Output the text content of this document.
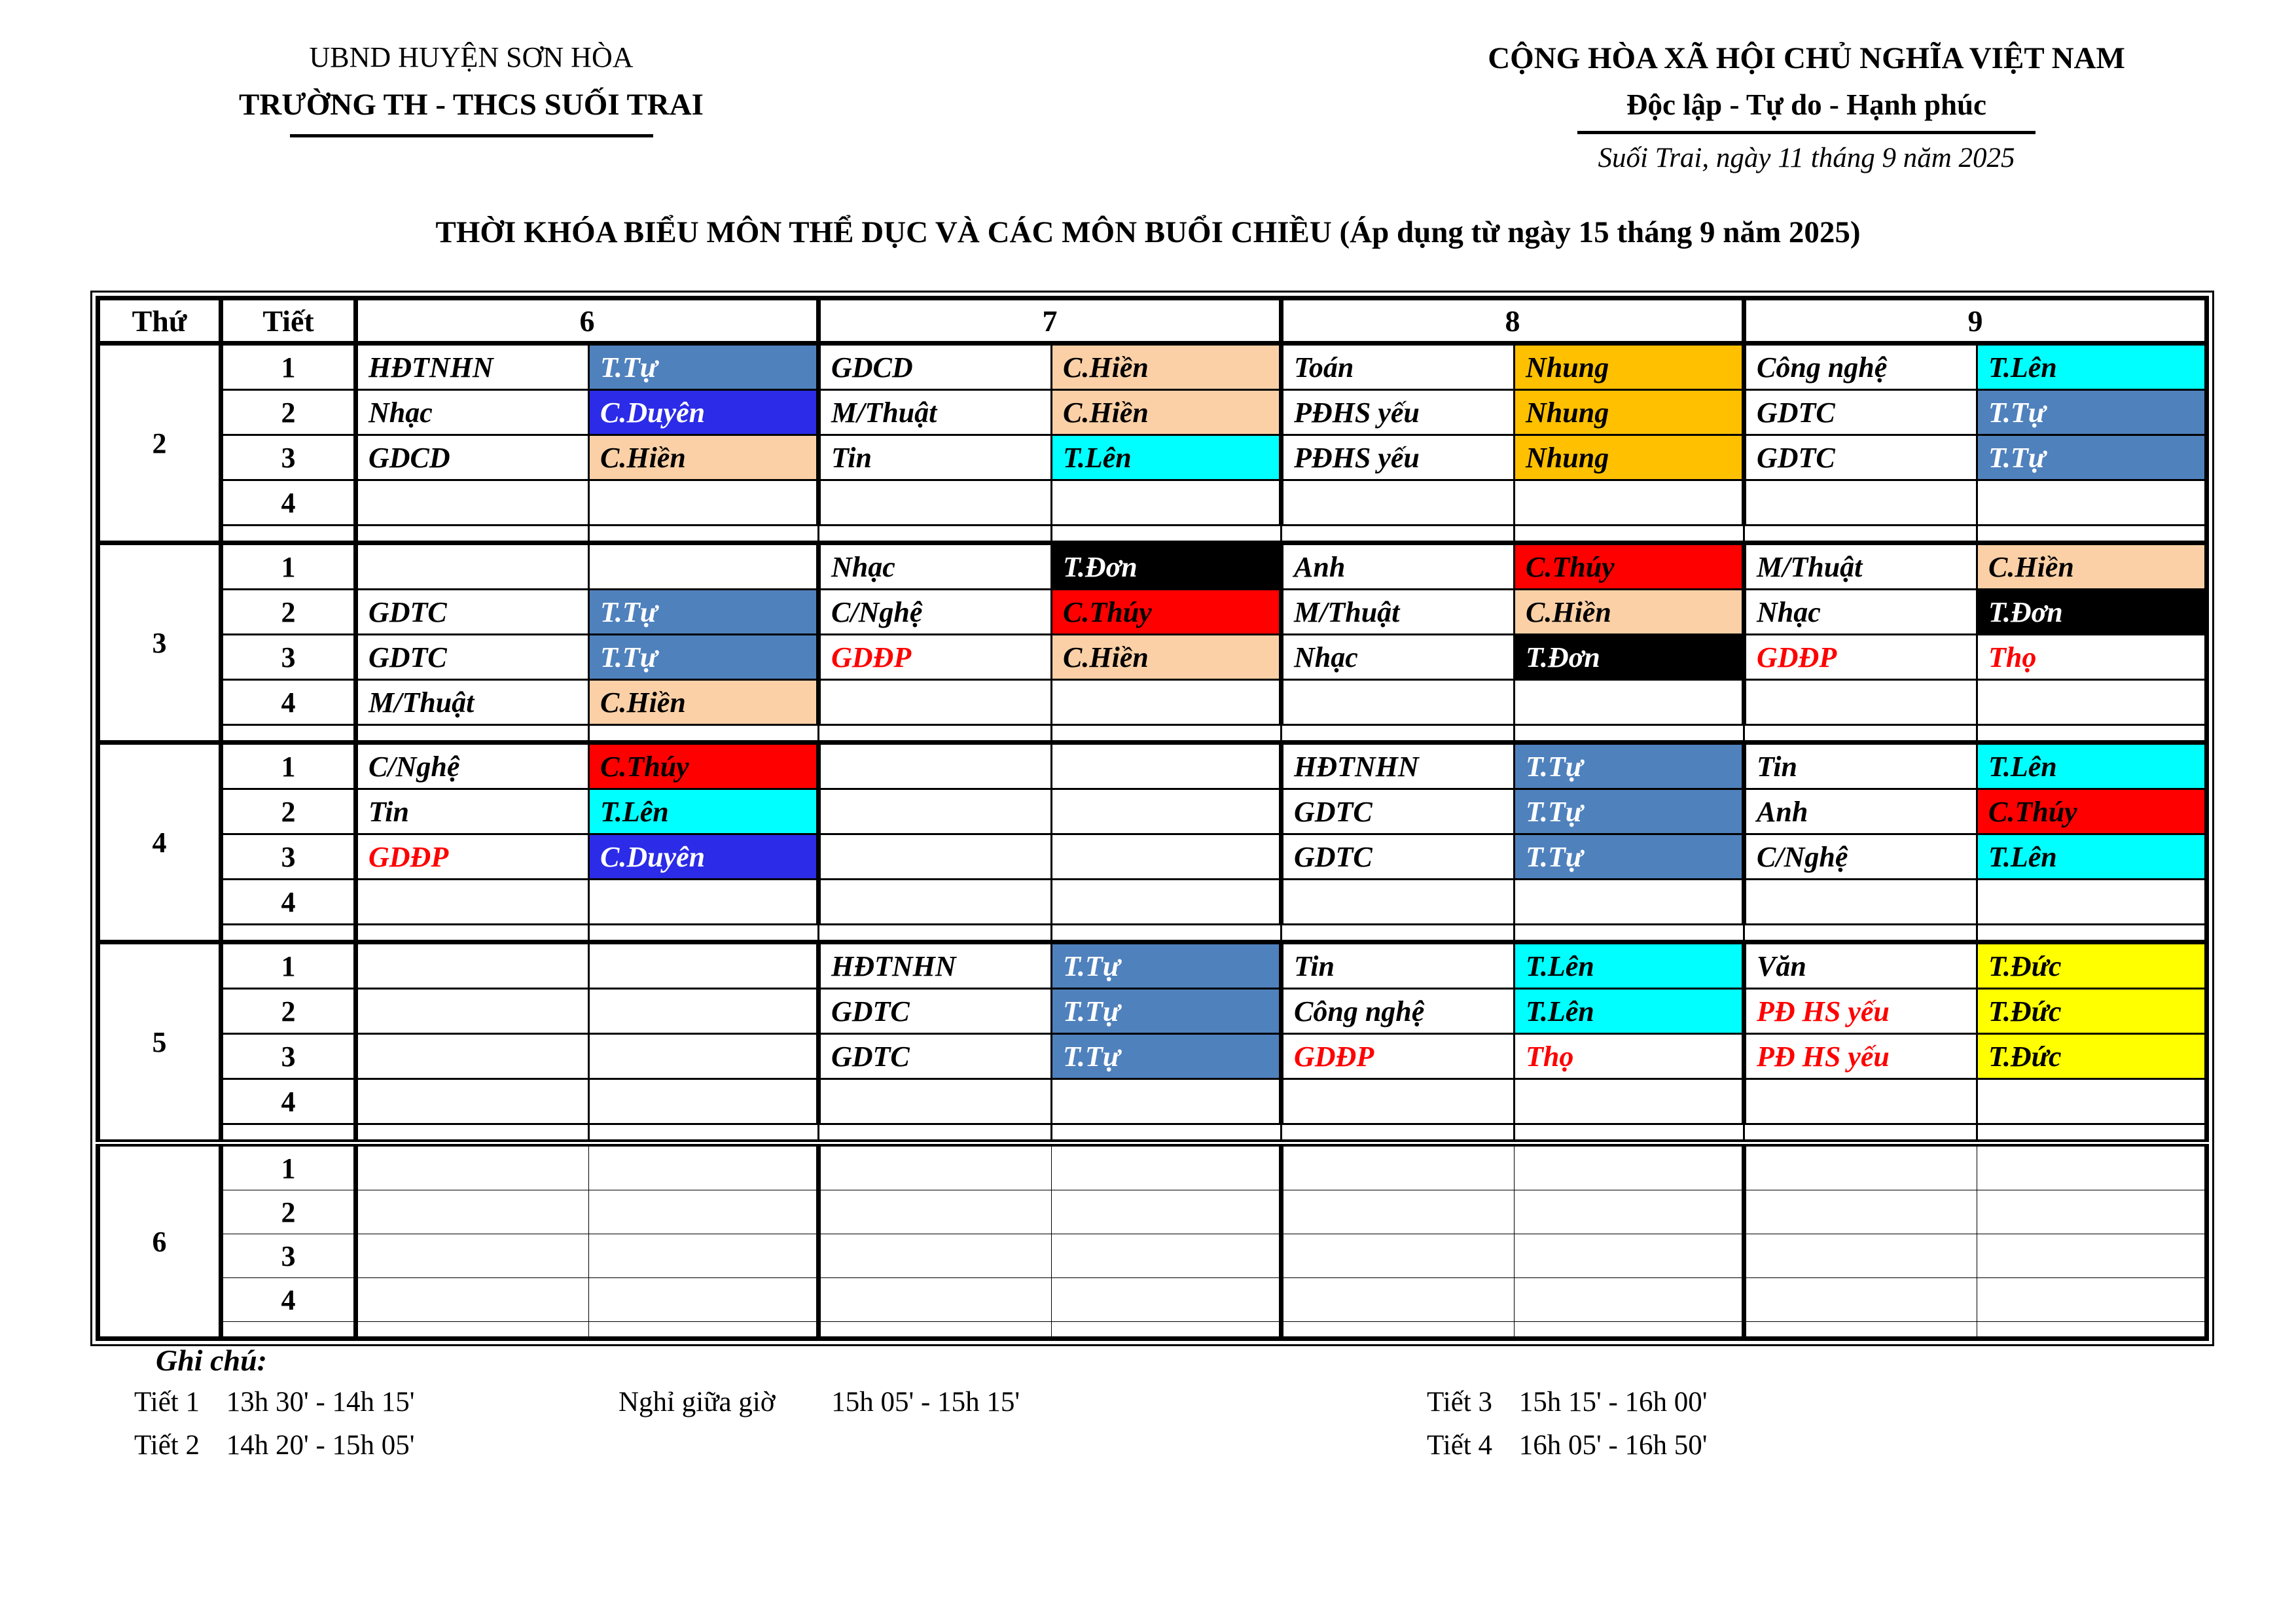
UBND HUYỆN SƠN HÒA
TRƯỜNG TH - THCS SUỐI TRAI
CỘNG HÒA XÃ HỘI CHỦ NGHĨA VIỆT NAM
Độc lập - Tự do - Hạnh phúc
Suối Trai, ngày 11 tháng 9 năm 2025
THỜI KHÓA BIỂU MÔN THỂ DỤC VÀ CÁC MÔN BUỔI CHIỀU (Áp dụng từ ngày 15 tháng 9 năm 2025)
Thứ	Tiết	6		7		8		9	
2	1	HĐTNHN	T.Tự	GDCD	C.Hiền	Toán	Nhung	Công nghệ	T.Lên
	2	Nhạc	C.Duyên	M/Thuật	C.Hiền	PĐHS yếu	Nhung	GDTC	T.Tự
	3	GDCD	C.Hiền	Tin	T.Lên	PĐHS yếu	Nhung	GDTC	T.Tự
	4								

3	1			Nhạc	T.Đơn	Anh	C.Thúy	M/Thuật	C.Hiền
	2	GDTC	T.Tự	C/Nghệ	C.Thúy	M/Thuật	C.Hiền	Nhạc	T.Đơn
	3	GDTC	T.Tự	GDĐP	C.Hiền	Nhạc	T.Đơn	GDĐP	Thọ
	4	M/Thuật	C.Hiền						

4	1	C/Nghệ	C.Thúy			HĐTNHN	T.Tự	Tin	T.Lên
	2	Tin	T.Lên			GDTC	T.Tự	Anh	C.Thúy
	3	GDĐP	C.Duyên			GDTC	T.Tự	C/Nghệ	T.Lên
	4								

5	1			HĐTNHN	T.Tự	Tin	T.Lên	Văn	T.Đức
	2			GDTC	T.Tự	Công nghệ	T.Lên	PĐ HS yếu	T.Đức
	3			GDTC	T.Tự	GDĐP	Thọ	PĐ HS yếu	T.Đức
	4								

6	1								
	2								
	3								
	4								

Ghi chú:
Tiết 1 13h 30' - 14h 15'
Tiết 2 14h 20' - 15h 05'
Nghỉ giữa giờ 15h 05' - 15h 15'	Tiết 3 15h 15' - 16h 00'
Tiết 4 16h 05' - 16h 50'
